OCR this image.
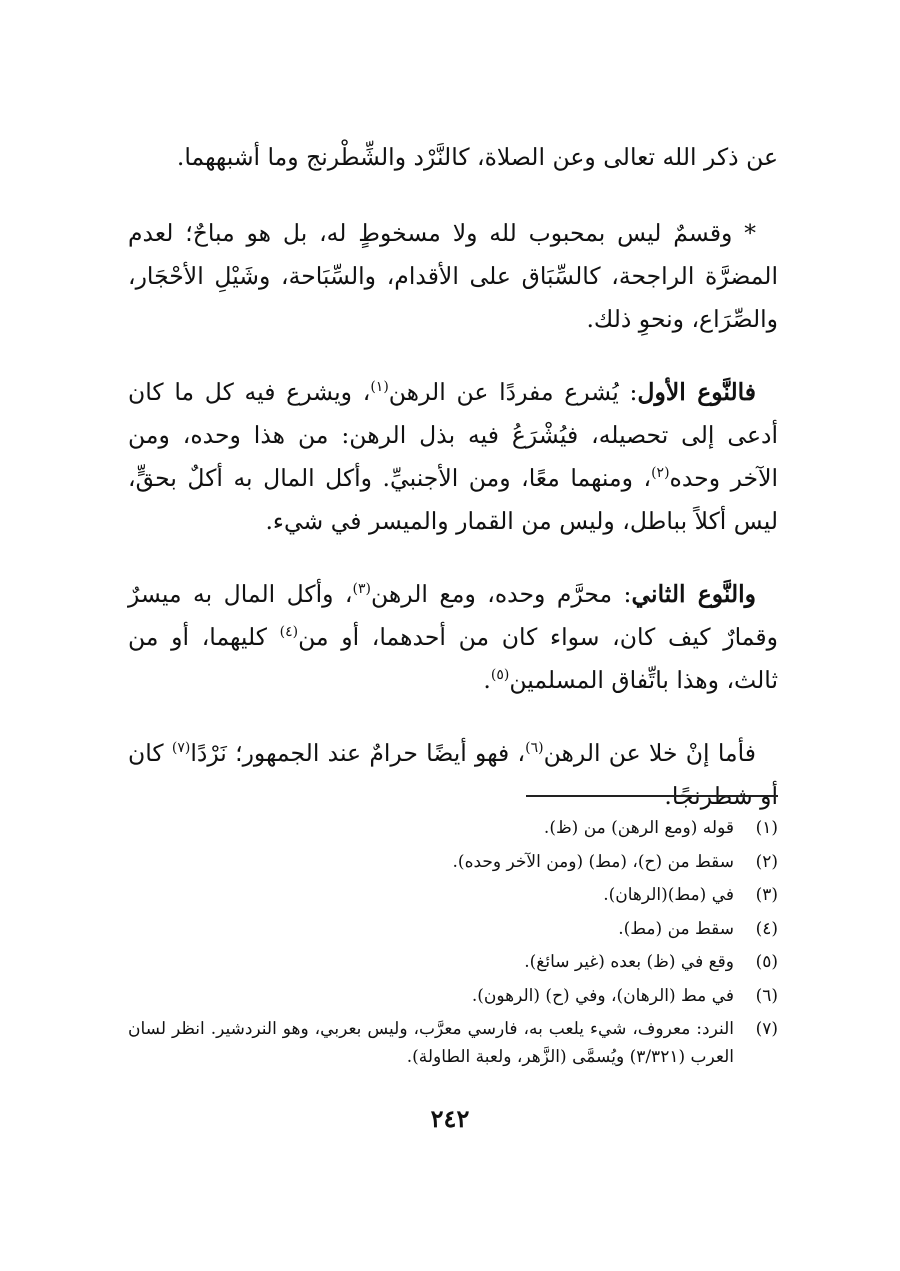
عن ذكر الله تعالى وعن الصلاة، كالنَّرْد والشِّطْرنج وما أشبههما.

* وقسمٌ ليس بمحبوب لله ولا مسخوطٍ له، بل هو مباحٌ؛ لعدم المضرَّة الراجحة، كالسِّبَاق على الأقدام، والسِّبَاحة، وشَيْلِ الأحْجَار، والصِّرَاع، ونحوِ ذلك.

فالنَّوع الأول: يُشرع مفردًا عن الرهن$^{(١)}$، ويشرع فيه كل ما كان أدعى إلى تحصيله، فيُشْرَعُ فيه بذل الرهن: من هذا وحده، ومن الآخر وحده$^{(٢)}$، ومنهما معًا، ومن الأجنبيِّ. وأكل المال به أكلٌ بحقٍّ، ليس أكلاً بباطل، وليس من القمار والميسر في شيء.

والنَّوع الثاني: محرَّم وحده، ومع الرهن$^{(٣)}$، وأكل المال به ميسرٌ وقمارٌ كيف كان، سواء كان من أحدهما، أو من$^{(٤)}$ كليهما، أو من ثالث، وهذا باتِّفاق المسلمين$^{(٥)}$.

فأما إنْ خلا عن الرهن$^{(٦)}$، فهو أيضًا حرامٌ عند الجمهور؛ نَرْدًا$^{(٧)}$ كان أو شطرنجًا.

(١)
قوله (ومع الرهن) من (ظ).
(٢)
سقط من (ح)، (مط) (ومن الآخر وحده).
(٣)
في (مط)(الرهان).
(٤)
سقط من (مط).
(٥)
وقع في (ظ) بعده (غير سائغ).
(٦)
في مط (الرهان)، وفي (ح) (الرهون).
(٧)
النرد: معروف، شيء يلعب به، فارسي معرَّب، وليس بعربي، وهو النردشير. انظر لسان العرب (٣/٣٢١) ويُسمَّى (الزَّهر، ولعبة الطاولة).
٢٤٢
